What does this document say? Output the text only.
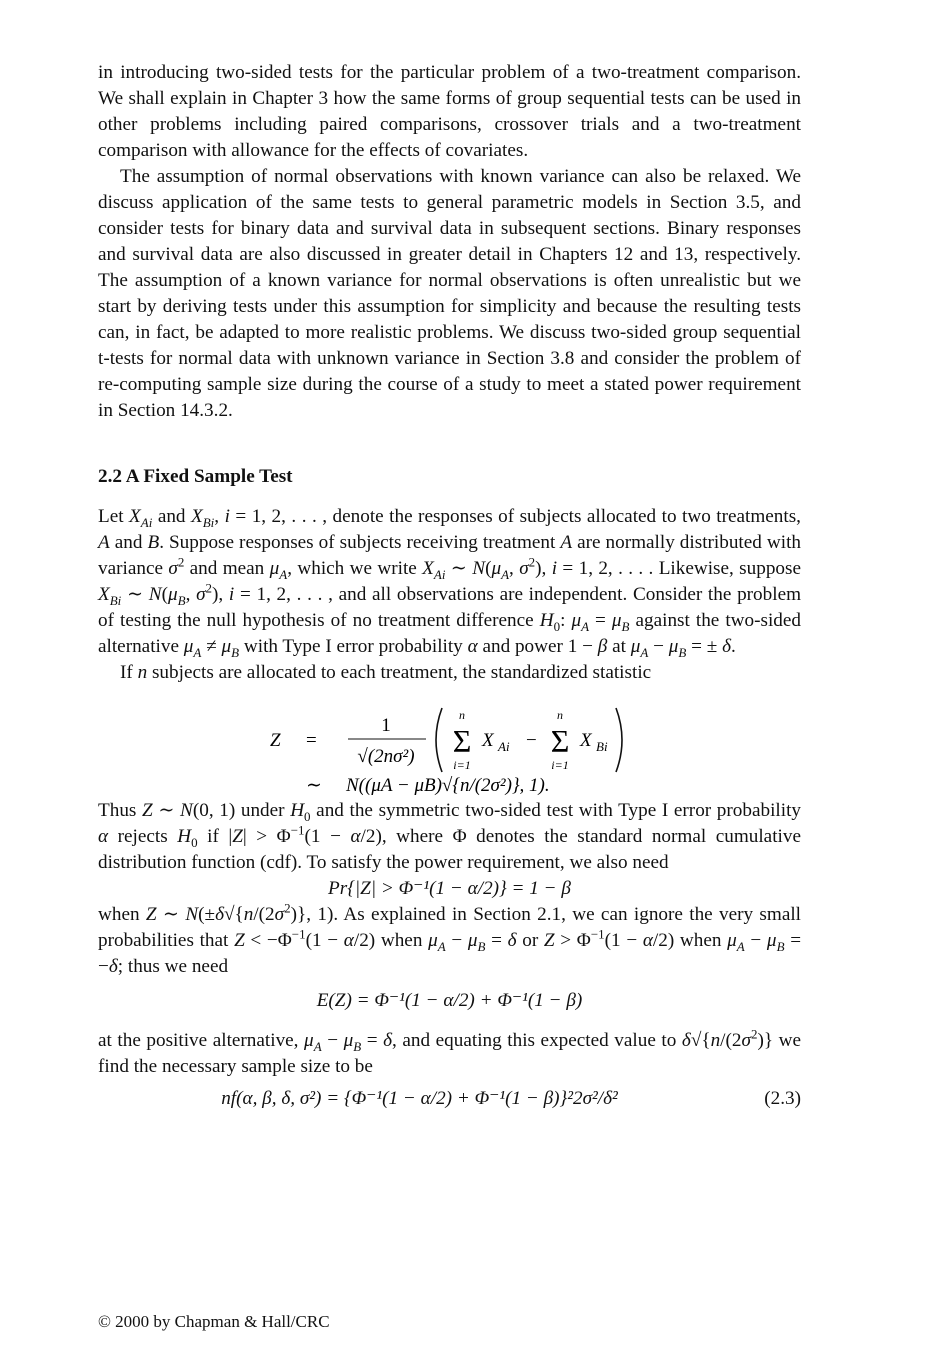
in introducing two-sided tests for the particular problem of a two-treatment comparison. We shall explain in Chapter 3 how the same forms of group sequential tests can be used in other problems including paired comparisons, crossover trials and a two-treatment comparison with allowance for the effects of covariates.

The assumption of normal observations with known variance can also be relaxed. We discuss application of the same tests to general parametric models in Section 3.5, and consider tests for binary data and survival data in subsequent sections. Binary responses and survival data are also discussed in greater detail in Chapters 12 and 13, respectively. The assumption of a known variance for normal observations is often unrealistic but we start by deriving tests under this assumption for simplicity and because the resulting tests can, in fact, be adapted to more realistic problems. We discuss two-sided group sequential t-tests for normal data with unknown variance in Section 3.8 and consider the problem of re-computing sample size during the course of a study to meet a stated power requirement in Section 14.3.2.

2.2 A Fixed Sample Test

Let $X_{Ai}$ and $X_{Bi}$, i = 1, 2, . . . , denote the responses of subjects allocated to two treatments, A and B. Suppose responses of subjects receiving treatment A are normally distributed with variance $\sigma^2$ and mean $\mu_A$, which we write $X_{Ai}$ ∼ $N(\mu_A$, $\sigma^2$), i = 1, 2, . . . . Likewise, suppose $X_{Bi}$ ∼ $N(\mu_B$, $\sigma^2$), i = 1, 2, . . . , and all observations are independent. Consider the problem of testing the null hypothesis of no treatment difference $H_0$: $\mu_A = \mu_B$ against the two-sided alternative $\mu_A \ne \mu_B$ with Type I error probability α and power 1 − β at $\mu_A - \mu_B$ = ± δ.

If n subjects are allocated to each treatment, the standardized statistic

Z =
1
√(2nσ²)
n
Σ
i=1
X Ai −
n
Σ
i=1
X Bi
∼ N((μA − μB)√{n/(2σ²)}, 1).

Thus Z ∼ N(0, 1) under $H_0$ and the symmetric two-sided test with Type I error probability α rejects $H_0$ if $|Z| > \Phi^{-1}(1 - \alpha/2)$, where Φ denotes the standard normal cumulative distribution function (cdf). To satisfy the power requirement, we also need

Pr{|Z| > Φ⁻¹(1 − α/2)} = 1 − β

when Z ∼ $N(\pm\delta√\{n/(2\sigma^2)\}$, 1). As explained in Section 2.1, we can ignore the very small probabilities that $Z < -\Phi^{-1}(1 - \alpha/2)$ when $\mu_A - \mu_B = \delta$ or $Z > \Phi^{-1}(1 - \alpha/2)$ when $\mu_A - \mu_B = -\delta$; thus we need

E(Z) = Φ⁻¹(1 − α/2) + Φ⁻¹(1 − β)

at the positive alternative, $\mu_A - \mu_B = \delta$, and equating this expected value to $\delta√\{n/(2\sigma^2)\}$ we find the necessary sample size to be

nf(α, β, δ, σ²) = {Φ⁻¹(1 − α/2) + Φ⁻¹(1 − β)}²2σ²/δ²	(2.3)
© 2000 by Chapman & Hall/CRC
